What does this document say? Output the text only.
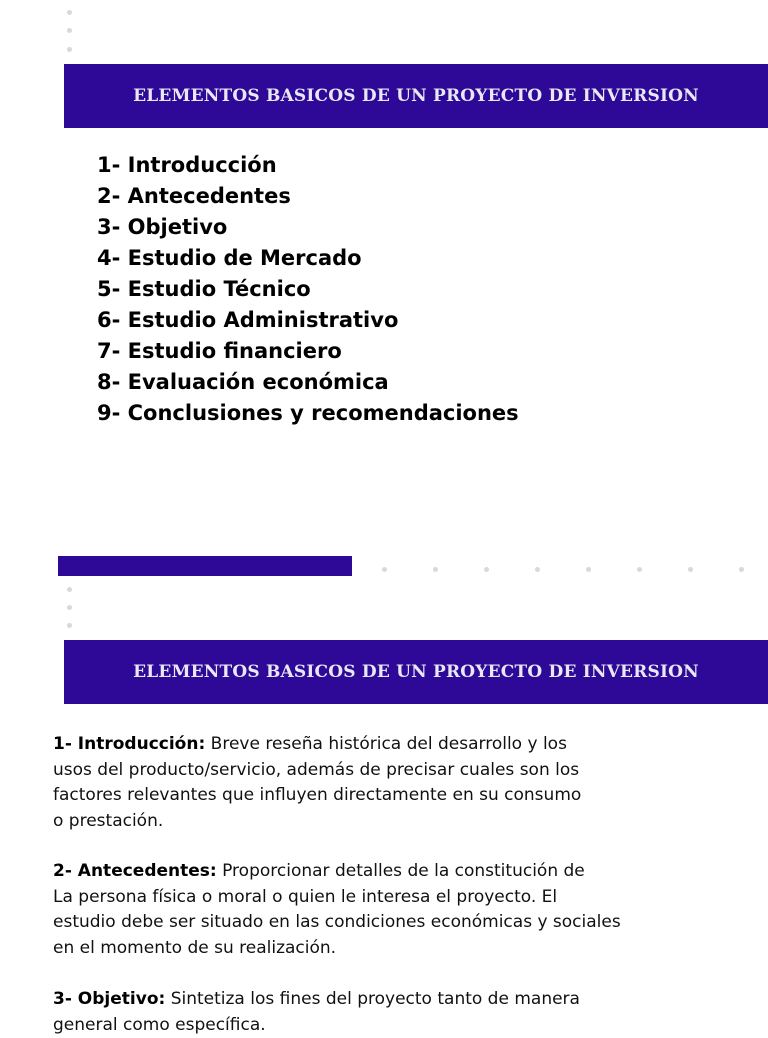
ELEMENTOS BASICOS DE UN PROYECTO DE INVERSION
1- Introducción
2- Antecedentes
3- Objetivo
4- Estudio de Mercado
5- Estudio Técnico
6- Estudio Administrativo
7- Estudio financiero
8- Evaluación económica
9- Conclusiones y recomendaciones
ELEMENTOS BASICOS DE UN PROYECTO DE INVERSION

1- Introducción: Breve reseña histórica del desarrollo y los
usos del producto/servicio, además de precisar cuales son los
factores relevantes que influyen directamente en su consumo
o prestación.

2- Antecedentes: Proporcionar detalles de la constitución de
La persona física o moral o quien le interesa el proyecto. El
estudio debe ser situado en las condiciones económicas y sociales
en el momento de su realización.

3- Objetivo: Sintetiza los fines del proyecto tanto de manera
general como específica.
